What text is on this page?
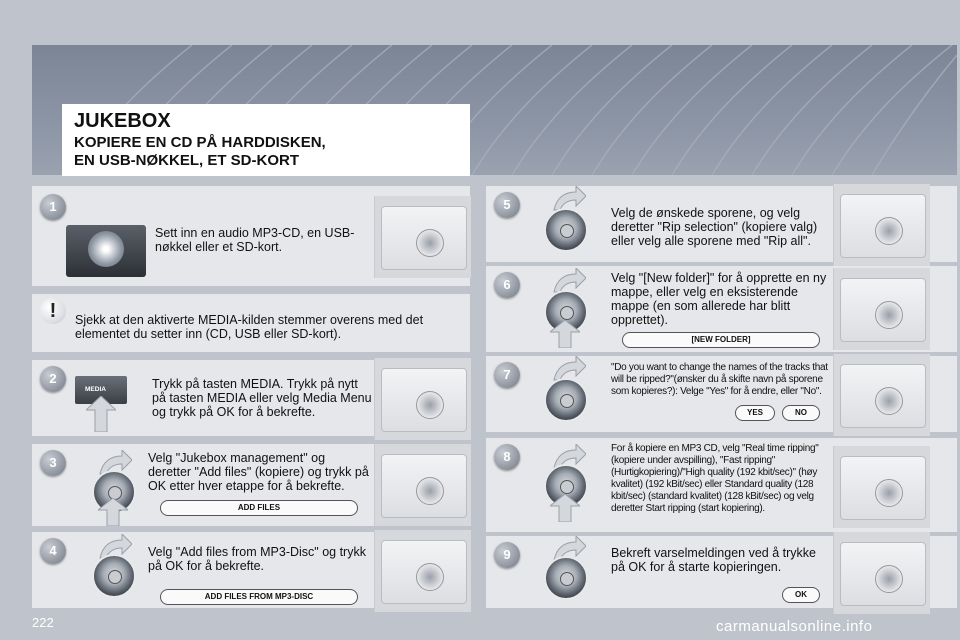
JUKEBOX
KOPIERE EN CD PÅ HARDDISKEN,
EN USB-NØKKEL, ET SD-KORT
1
Sett inn en audio MP3-CD, en USB-nøkkel eller et SD-kort.
!	Sjekk at den aktiverte MEDIA-kilden stemmer overens med det elementet du setter inn (CD, USB eller SD-kort).
2
MEDIA	Trykk på tasten MEDIA. Trykk på nytt på tasten MEDIA eller velg Media Menu og trykk på OK for å bekrefte.
3	Velg "Jukebox management" og deretter "Add files" (kopiere) og trykk på OK etter hver etappe for å bekrefte.
ADD FILES
4	Velg "Add files from MP3-Disc" og trykk på OK for å bekrefte.
ADD FILES FROM MP3-DISC
5
Velg de ønskede sporene, og velg deretter "Rip selection" (kopiere valg) eller velg alle sporene med "Rip all".
6	Velg "[New folder]" for å opprette en ny mappe, eller velg en eksisterende mappe (en som allerede har blitt opprettet).
[NEW FOLDER]
7	"Do you want to change the names of the tracks that will be ripped?"(ønsker du å skifte navn på sporene som kopieres?): Velge "Yes" for å endre, eller "No".
YES	NO
8
For å kopiere en MP3 CD, velg "Real time ripping" (kopiere under avspilling), "Fast ripping" (Hurtigkopiering)/"High quality (192 kbit/sec)" (høy kvalitet) (192 kBit/sec) eller Standard quality (128 kbit/sec) (standard kvalitet) (128 kBit/sec) og velg deretter Start ripping (start kopiering).
9	Bekreft varselmeldingen ved å trykke på OK for å starte kopieringen.
OK
222	carmanualsonline.info
